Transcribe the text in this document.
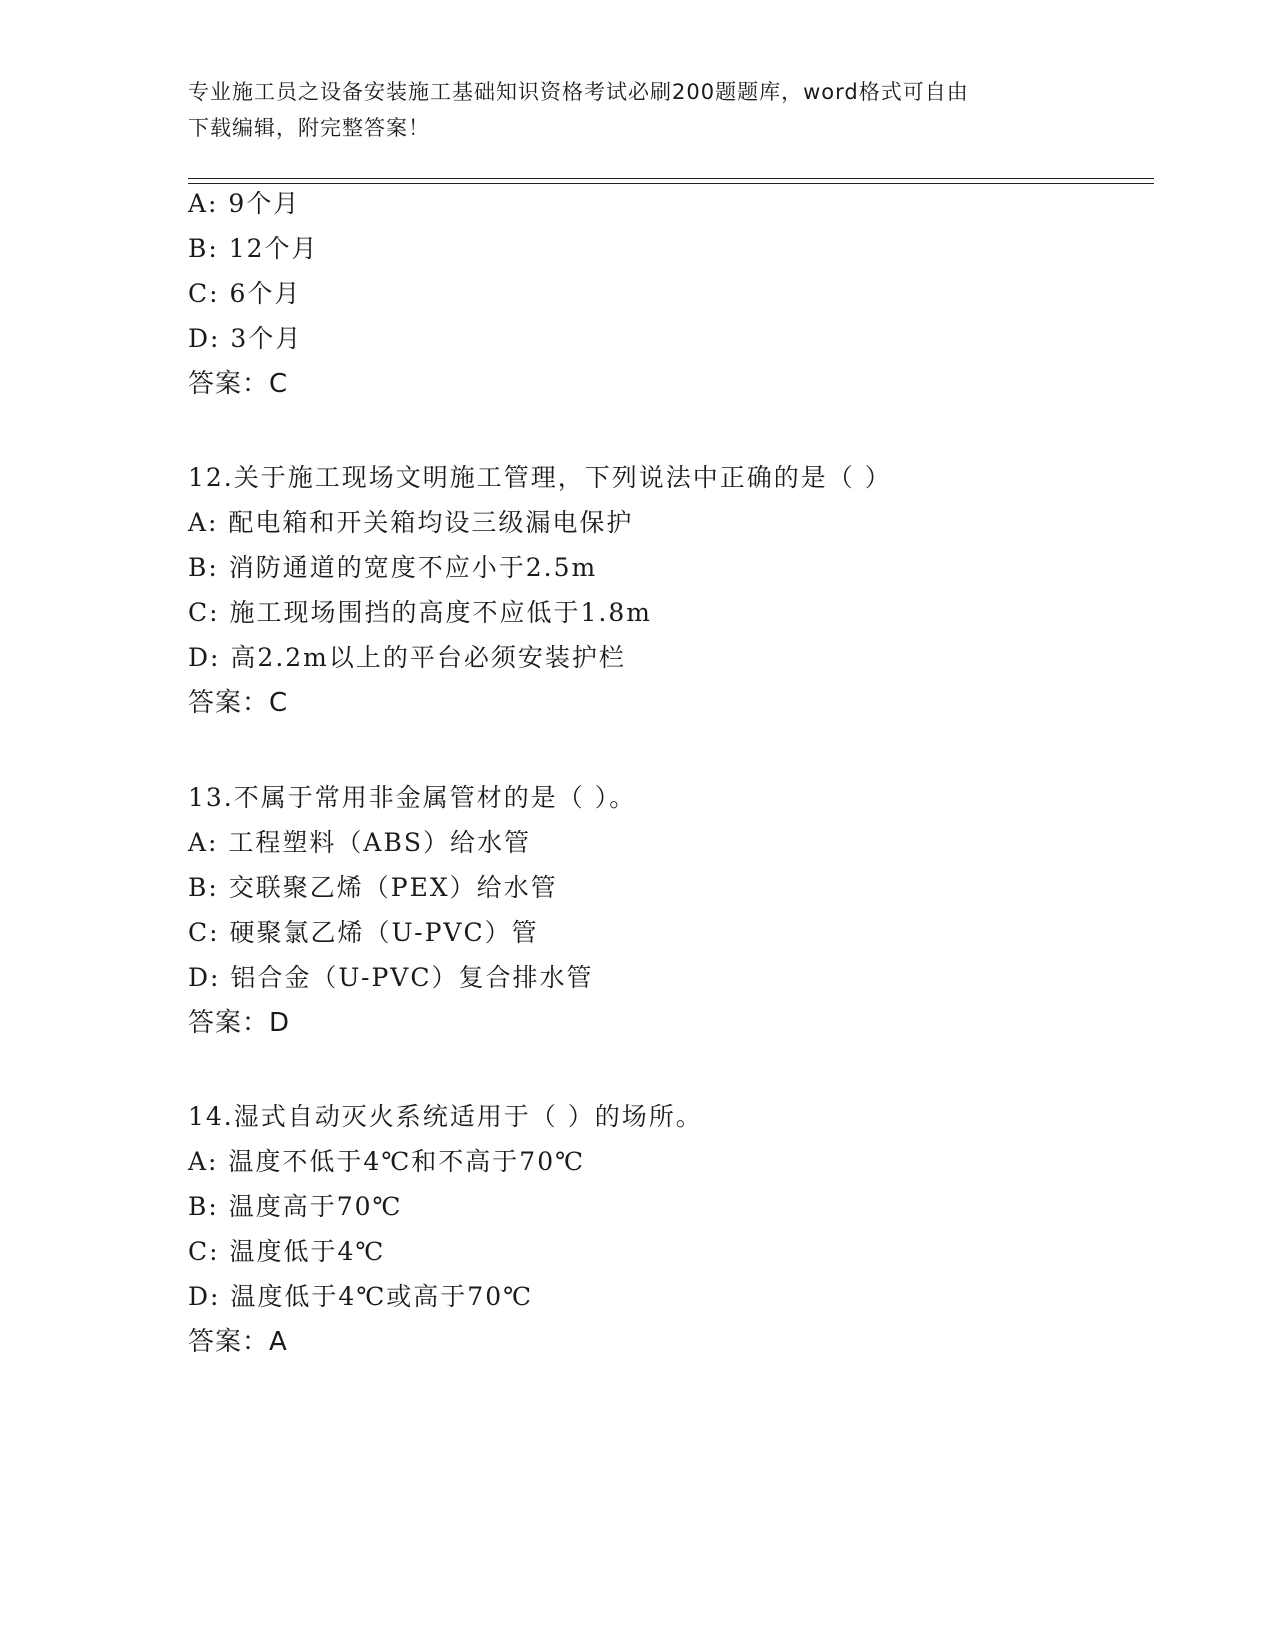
专业施工员之设备安装施工基础知识资格考试必刷200题题库，word格式可自由
下载编辑，附完整答案！
A: 9个月
B: 12个月
C: 6个月
D: 3个月
答案：C
12.关于施工现场文明施工管理，下列说法中正确的是（ ）
A: 配电箱和开关箱均设三级漏电保护
B: 消防通道的宽度不应小于2.5m
C: 施工现场围挡的高度不应低于1.8m
D: 高2.2m以上的平台必须安装护栏
答案：C
13.不属于常用非金属管材的是（ ）。
A: 工程塑料（ABS）给水管
B: 交联聚乙烯（PEX）给水管
C: 硬聚氯乙烯（U-PVC）管
D: 铝合金（U-PVC）复合排水管
答案：D
14.湿式自动灭火系统适用于（ ）的场所。
A: 温度不低于4℃和不高于70℃
B: 温度高于70℃
C: 温度低于4℃
D: 温度低于4℃或高于70℃
答案：A
